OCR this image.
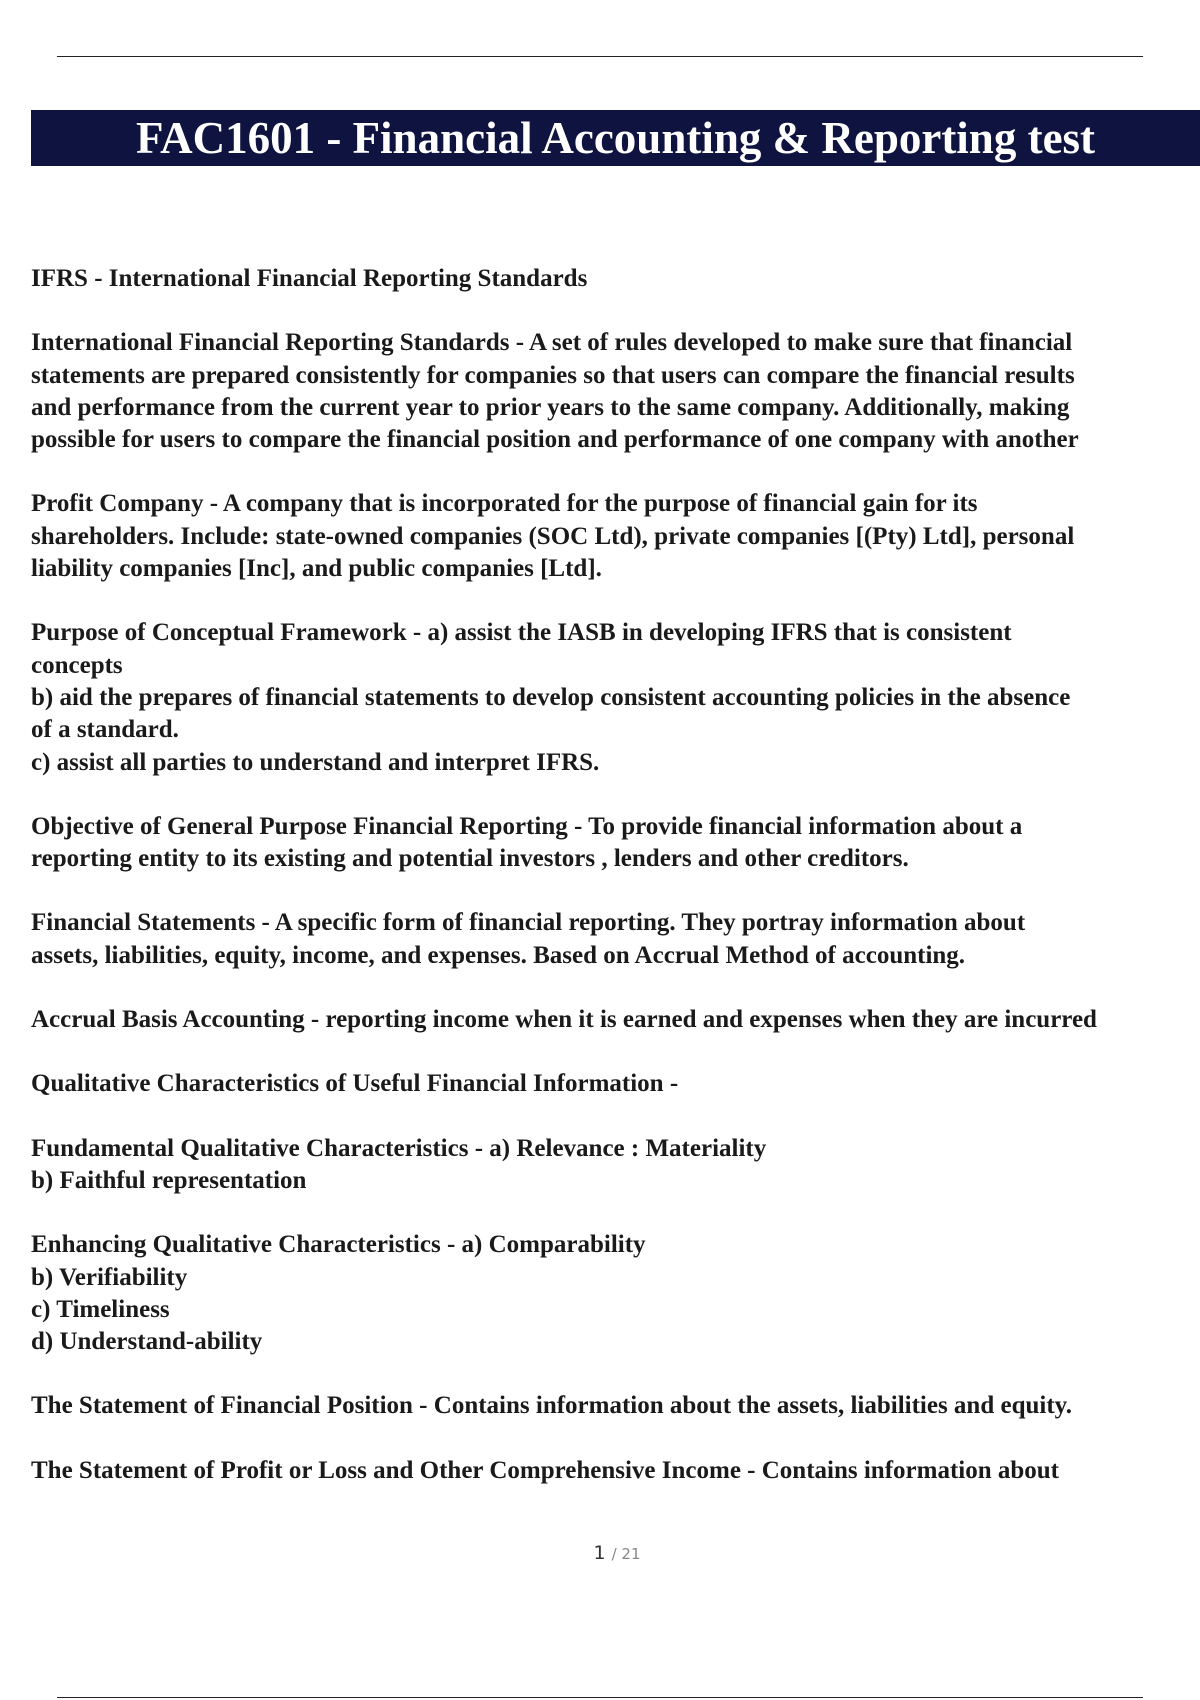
FAC1601 - Financial Accounting & Reporting test
IFRS - International Financial Reporting Standards
International Financial Reporting Standards - A set of rules developed to make sure that financial
statements are prepared consistently for companies so that users can compare the financial results
and performance from the current year to prior years to the same company. Additionally, making
possible for users to compare the financial position and performance of one company with another
Profit Company - A company that is incorporated for the purpose of financial gain for its
shareholders. Include: state-owned companies (SOC Ltd), private companies [(Pty) Ltd], personal
liability companies [Inc], and public companies [Ltd].
Purpose of Conceptual Framework - a) assist the IASB in developing IFRS that is consistent
concepts
b) aid the prepares of financial statements to develop consistent accounting policies in the absence
of a standard.
c) assist all parties to understand and interpret IFRS.
Objective of General Purpose Financial Reporting - To provide financial information about a
reporting entity to its existing and potential investors , lenders and other creditors.
Financial Statements - A specific form of financial reporting. They portray information about
assets, liabilities, equity, income, and expenses. Based on Accrual Method of accounting.
Accrual Basis Accounting - reporting income when it is earned and expenses when they are incurred
Qualitative Characteristics of Useful Financial Information -
Fundamental Qualitative Characteristics - a) Relevance : Materiality
b) Faithful representation
Enhancing Qualitative Characteristics - a) Comparability
b) Verifiability
c) Timeliness
d) Understand-ability
The Statement of Financial Position - Contains information about the assets, liabilities and equity.
The Statement of Profit or Loss and Other Comprehensive Income - Contains information about
1 / 21
